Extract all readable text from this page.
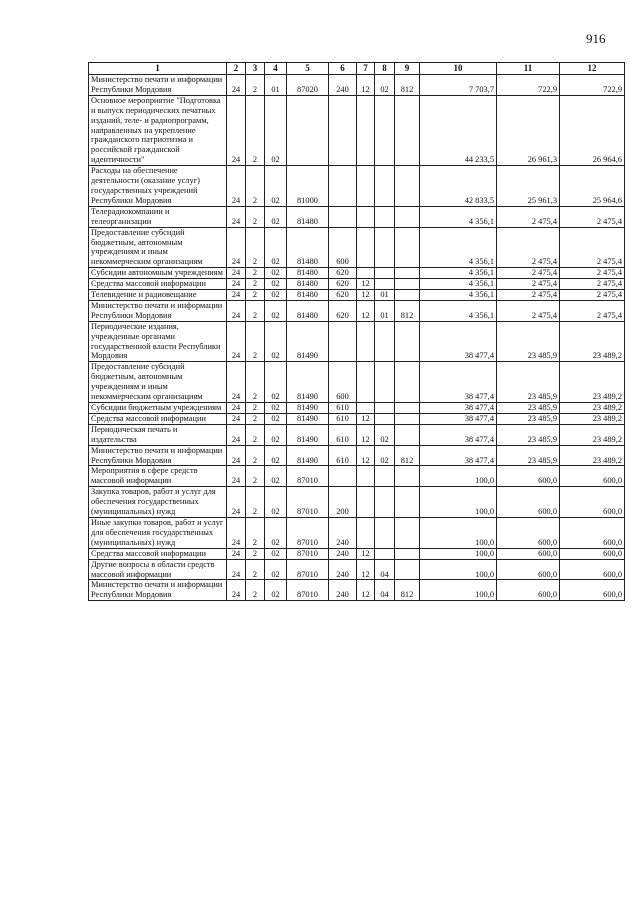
916
1	2	3	4	5	6	7	8	9	10	11	12
Министерство печати и информации Республики Мордовия	24	2	01	87020	240	12	02	812	7 703,7	722,9	722,9
Основное мероприятие "Подготовка и выпуск периодических печатных изданий, теле- и радиопрограмм, направленных на укрепление гражданского патриотизма и российской гражданской идентичности"	24	2	02						44 233,5	26 961,3	26 964,6
Расходы на обеспечение деятельности (оказание услуг) государственных учреждений Республики Мордовия	24	2	02	81000					42 833,5	25 961,3	25 964,6
Телерадиокомпании и телеорганизации	24	2	02	81480					4 356,1	2 475,4	2 475,4
Предоставление субсидий бюджетным, автономным учреждениям и иным некоммерческим организациям	24	2	02	81480	600				4 356,1	2 475,4	2 475,4
Субсидии автономным учреждениям	24	2	02	81480	620				4 356,1	2 475,4	2 475,4
Средства массовой информации	24	2	02	81480	620	12			4 356,1	2 475,4	2 475,4
Телевидение и радиовещание	24	2	02	81480	620	12	01		4 356,1	2 475,4	2 475,4
Министерство печати и информации Республики Мордовия	24	2	02	81480	620	12	01	812	4 356,1	2 475,4	2 475,4
Периодические издания, учрежденные органами государственной власти Республики Мордовия	24	2	02	81490					38 477,4	23 485,9	23 489,2
Предоставление субсидий бюджетным, автономным учреждениям и иным некоммерческим организациям	24	2	02	81490	600				38 477,4	23 485,9	23 489,2
Субсидии бюджетным учреждениям	24	2	02	81490	610				38 477,4	23 485,9	23 489,2
Средства массовой информации	24	2	02	81490	610	12			38 477,4	23 485,9	23 489,2
Периодическая печать и издательства	24	2	02	81490	610	12	02		38 477,4	23 485,9	23 489,2
Министерство печати и информации Республики Мордовия	24	2	02	81490	610	12	02	812	38 477,4	23 485,9	23 489,2
Мероприятия в сфере средств массовой информации	24	2	02	87010					100,0	600,0	600,0
Закупка товаров, работ и услуг для обеспечения государственных (муниципальных) нужд	24	2	02	87010	200				100,0	600,0	600,0
Иные закупки товаров, работ и услуг для обеспечения государственных (муниципальных) нужд	24	2	02	87010	240				100,0	600,0	600,0
Средства массовой информации	24	2	02	87010	240	12			100,0	600,0	600,0
Другие вопросы в области средств массовой информации	24	2	02	87010	240	12	04		100,0	600,0	600,0
Министерство печати и информации Республики Мордовия	24	2	02	87010	240	12	04	812	100,0	600,0	600,0
